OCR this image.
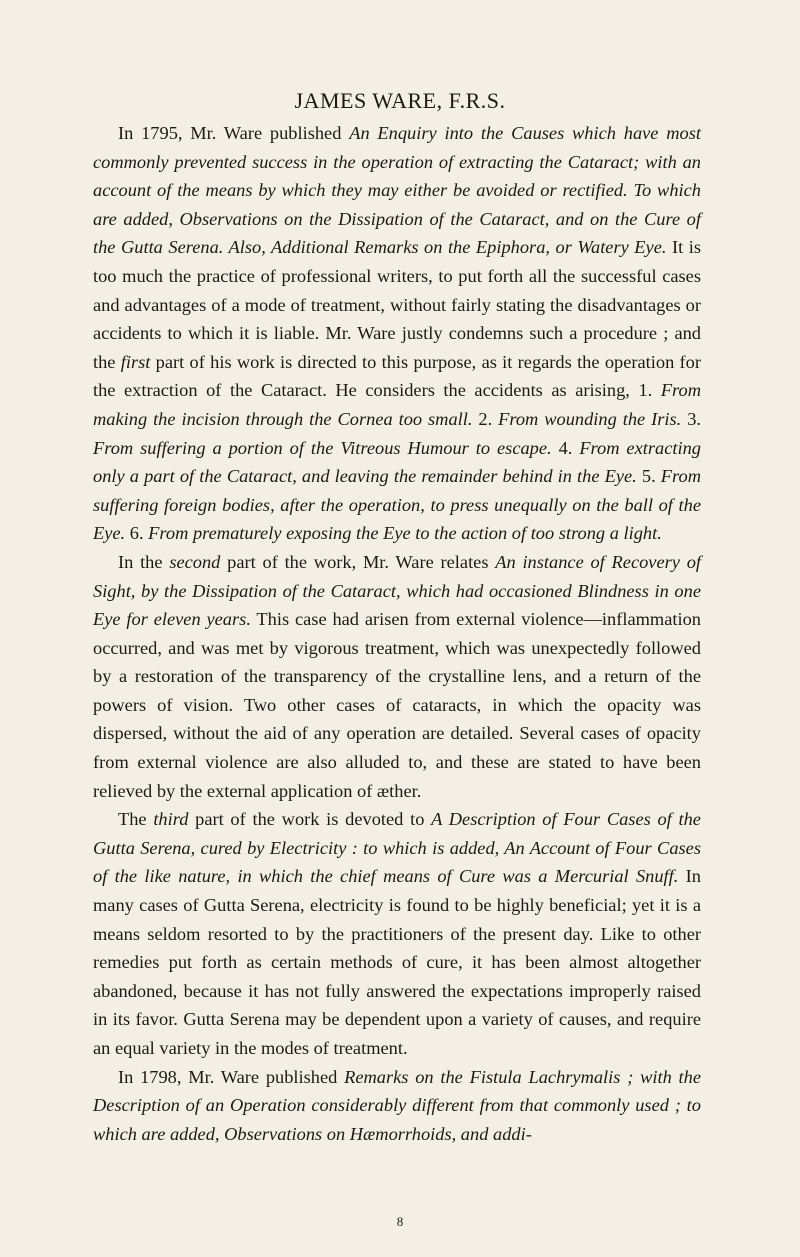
JAMES WARE, F.R.S.

In 1795, Mr. Ware published An Enquiry into the Causes which have most commonly prevented success in the operation of extracting the Cataract; with an account of the means by which they may either be avoided or rectified. To which are added, Observations on the Dissipation of the Cataract, and on the Cure of the Gutta Serena. Also, Additional Remarks on the Epiphora, or Watery Eye. It is too much the practice of professional writers, to put forth all the successful cases and advantages of a mode of treatment, without fairly stating the disadvantages or accidents to which it is liable. Mr. Ware justly condemns such a procedure ; and the first part of his work is directed to this purpose, as it regards the operation for the extraction of the Cataract. He considers the accidents as arising, 1. From making the incision through the Cornea too small. 2. From wounding the Iris. 3. From suffering a portion of the Vitreous Humour to escape. 4. From extracting only a part of the Cataract, and leaving the remainder behind in the Eye. 5. From suffering foreign bodies, after the operation, to press unequally on the ball of the Eye. 6. From prematurely exposing the Eye to the action of too strong a light.

In the second part of the work, Mr. Ware relates An instance of Recovery of Sight, by the Dissipation of the Cataract, which had occasioned Blindness in one Eye for eleven years. This case had arisen from external violence—inflammation occurred, and was met by vigorous treatment, which was unexpectedly followed by a restoration of the transparency of the crystalline lens, and a return of the powers of vision. Two other cases of cataracts, in which the opacity was dispersed, without the aid of any operation are detailed. Several cases of opacity from external violence are also alluded to, and these are stated to have been relieved by the external application of æther.

The third part of the work is devoted to A Description of Four Cases of the Gutta Serena, cured by Electricity : to which is added, An Account of Four Cases of the like nature, in which the chief means of Cure was a Mercurial Snuff. In many cases of Gutta Serena, electricity is found to be highly beneficial; yet it is a means seldom resorted to by the practitioners of the present day. Like to other remedies put forth as certain methods of cure, it has been almost altogether abandoned, because it has not fully answered the expectations improperly raised in its favor. Gutta Serena may be dependent upon a variety of causes, and require an equal variety in the modes of treatment.

In 1798, Mr. Ware published Remarks on the Fistula Lachrymalis ; with the Description of an Operation considerably different from that commonly used ; to which are added, Observations on Hæmorrhoids, and addi-

8
